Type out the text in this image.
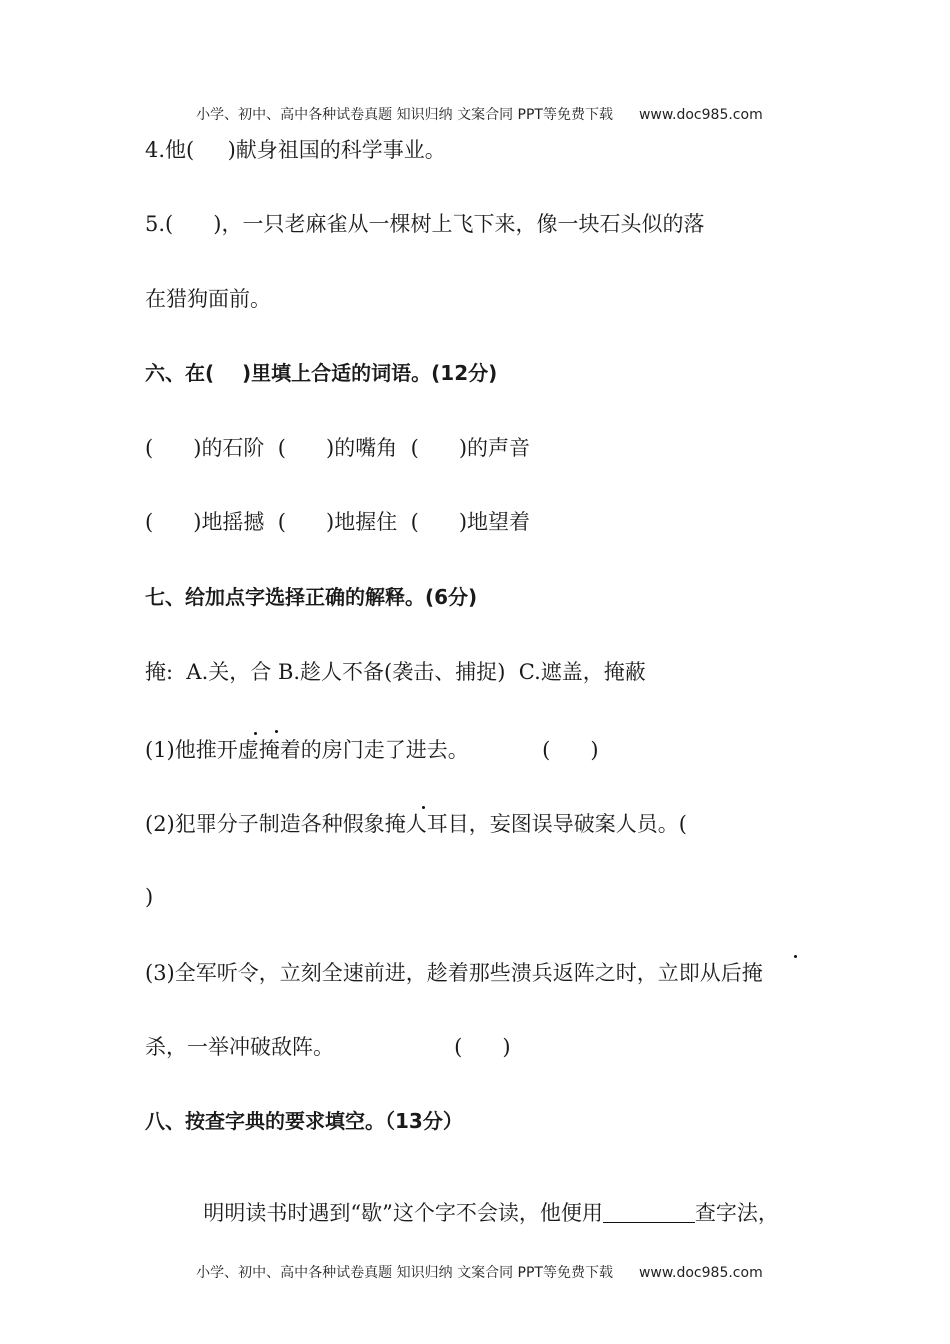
小学、初中、高中各种试卷真题 知识归纳 文案合同 PPT等免费下载 www.doc985.com

4.他(     )献身祖国的科学事业。
5.(      )，一只老麻雀从一棵树上飞下来，像一块石头似的落
在猎狗面前。
六、在(    )里填上合适的词语。(12分)
(      )的石阶  (      )的嘴角  (      )的声音
(      )地摇撼  (      )地握住  (      )地望着
七、给加点字选择正确的解释。(6分)
掩:  A.关，合 B.趁人不备(袭击、捕捉)  C.遮盖，掩蔽
(1)他推开虚掩着的房门走了进去。           (      )
(2)犯罪分子制造各种假象掩人耳目，妄图误导破案人员。(
)
(3)全军听令，立刻全速前进，趁着那些溃兵返阵之时，立即从后掩
杀，一举冲破敌阵。                  (      )
八、按查字典的要求填空。（13分）

明明读书时遇到“歇”这个字不会读，他便用	查字法，

小学、初中、高中各种试卷真题 知识归纳 文案合同 PPT等免费下载 www.doc985.com
